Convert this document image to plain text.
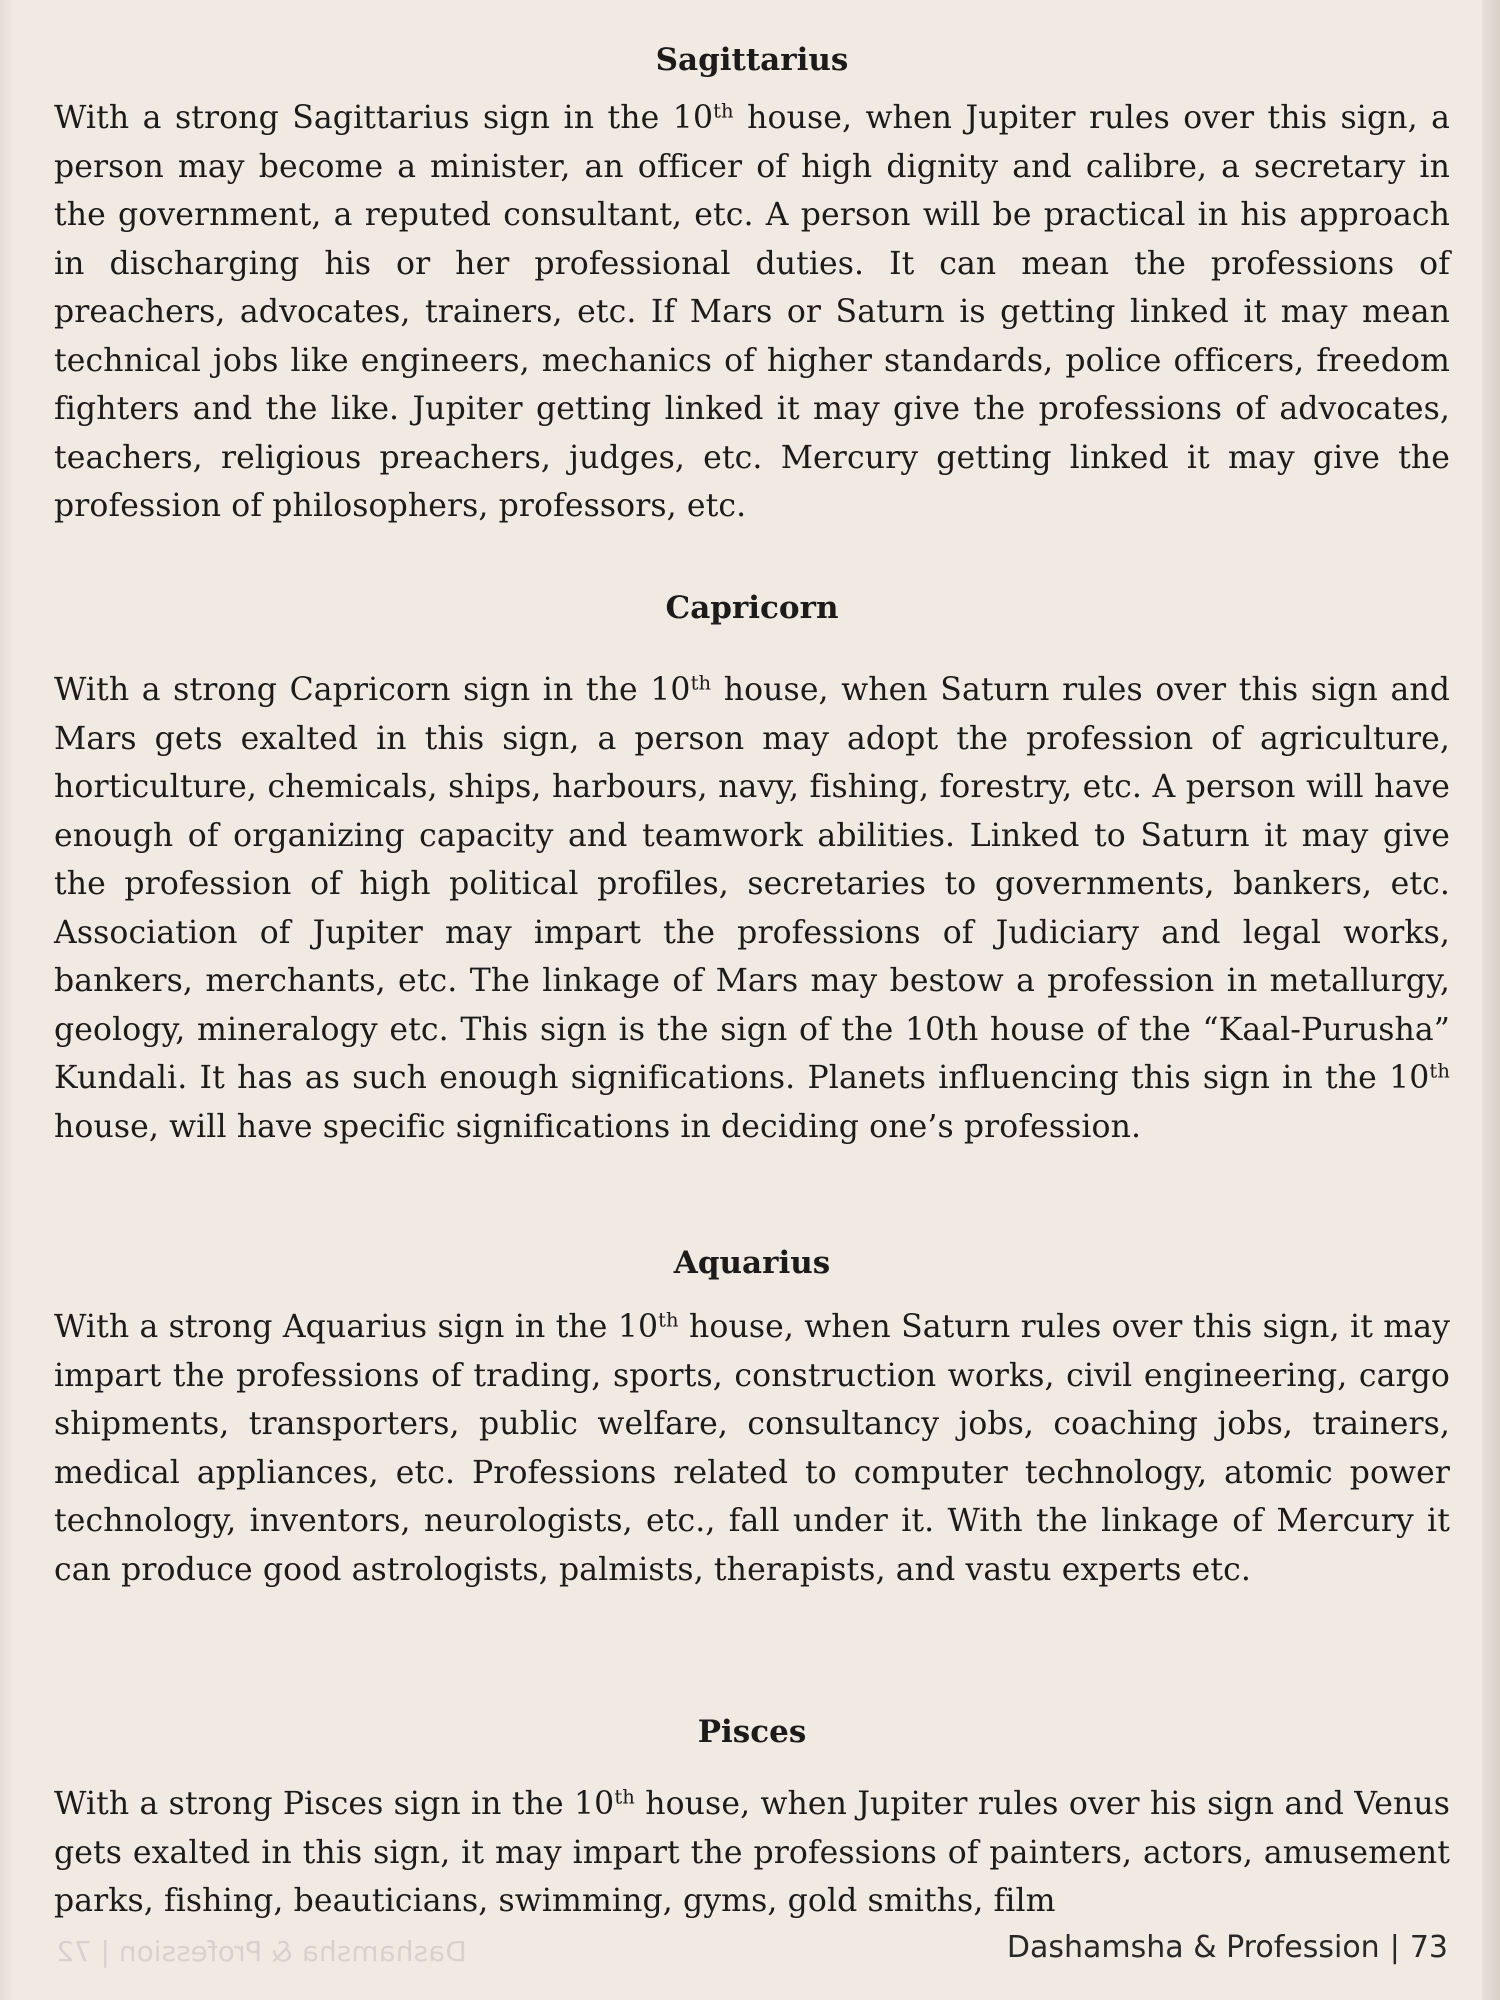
Dashamsha & Profession | 72
Sagittarius

With a strong Sagittarius sign in the 10th house, when Jupiter rules over this sign, a person may become a minister, an officer of high dignity and calibre, a secretary in the government, a reputed consultant, etc. A person will be practical in his approach in discharging his or her professional duties. It can mean the professions of preachers, advocates, trainers, etc. If Mars or Saturn is getting linked it may mean technical jobs like engineers, mechanics of higher standards, police officers, freedom fighters and the like. Jupiter getting linked it may give the professions of advocates, teachers, religious preachers, judges, etc. Mercury getting linked it may give the profession of philosophers, professors, etc.

Capricorn

With a strong Capricorn sign in the 10th house, when Saturn rules over this sign and Mars gets exalted in this sign, a person may adopt the profession of agriculture, horticulture, chemicals, ships, harbours, navy, fishing, forestry, etc. A person will have enough of organizing capacity and teamwork abilities. Linked to Saturn it may give the profession of high political profiles, secretaries to governments, bankers, etc. Association of Jupiter may impart the professions of Judiciary and legal works, bankers, merchants, etc. The linkage of Mars may bestow a profession in metallurgy, geology, mineralogy etc. This sign is the sign of the 10th house of the “Kaal-Purusha” Kundali. It has as such enough significations. Planets influencing this sign in the 10th house, will have specific significations in deciding one’s profession.

Aquarius

With a strong Aquarius sign in the 10th house, when Saturn rules over this sign, it may impart the professions of trading, sports, construction works, civil engineering, cargo shipments, transporters, public welfare, consultancy jobs, coaching jobs, trainers, medical appliances, etc. Professions related to computer technology, atomic power technology, inventors, neurologists, etc., fall under it. With the linkage of Mercury it can produce good astrologists, palmists, therapists, and vastu experts etc.

Pisces

With a strong Pisces sign in the 10th house, when Jupiter rules over his sign and Venus gets exalted in this sign, it may impart the professions of painters, actors, amusement parks, fishing, beauticians, swimming, gyms, gold smiths, film

Dashamsha & Profession | 73
